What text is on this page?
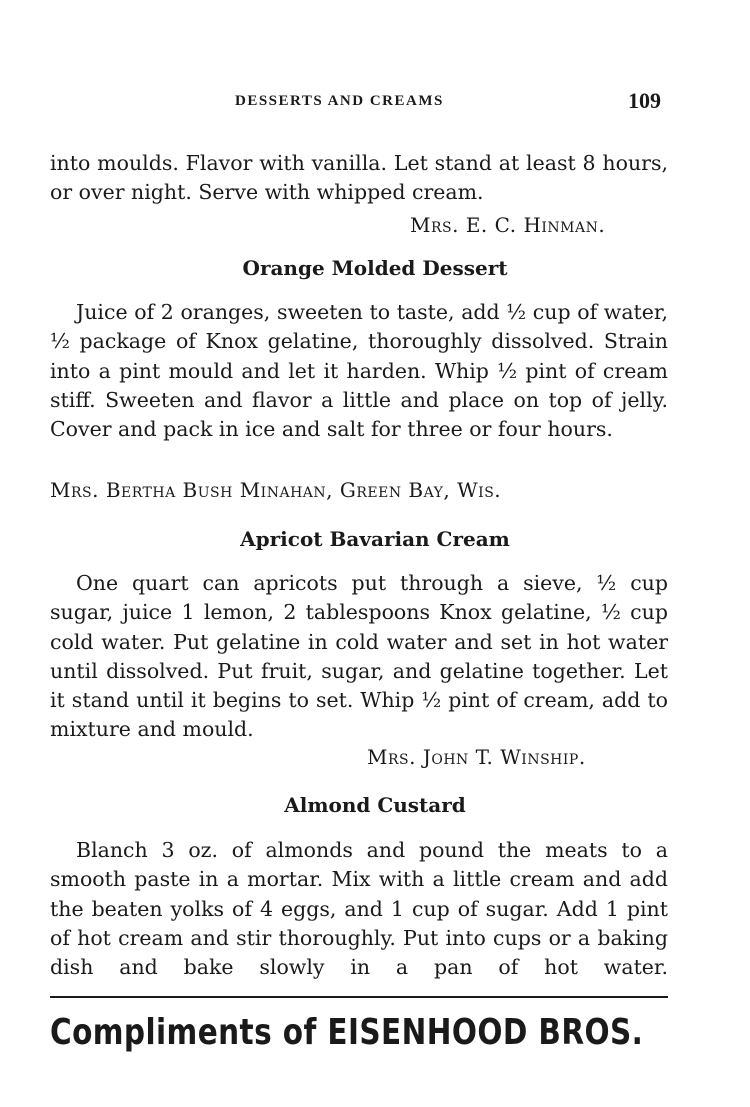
DESSERTS AND CREAMS	109
into moulds. Flavor with vanilla. Let stand at least 8 hours, or over night. Serve with whipped cream.
Mrs. E. C. Hinman.
Orange Molded Dessert
Juice of 2 oranges, sweeten to taste, add ½ cup of water, ½ package of Knox gelatine, thoroughly dissolved. Strain into a pint mould and let it harden. Whip ½ pint of cream stiff. Sweeten and flavor a little and place on top of jelly. Cover and pack in ice and salt for three or four hours.
Mrs. Bertha Bush Minahan, Green Bay, Wis.
Apricot Bavarian Cream
One quart can apricots put through a sieve, ½ cup sugar, juice 1 lemon, 2 tablespoons Knox gelatine, ½ cup cold water. Put gelatine in cold water and set in hot water until dissolved. Put fruit, sugar, and gelatine together. Let it stand until it begins to set. Whip ½ pint of cream, add to mixture and mould.
Mrs. John T. Winship.
Almond Custard
Blanch 3 oz. of almonds and pound the meats to a smooth paste in a mortar. Mix with a little cream and add the beaten yolks of 4 eggs, and 1 cup of sugar. Add 1 pint of hot cream and stir thoroughly. Put into cups or a baking dish and bake slowly in a pan of hot water.
Compliments of EISENHOOD BROS.
